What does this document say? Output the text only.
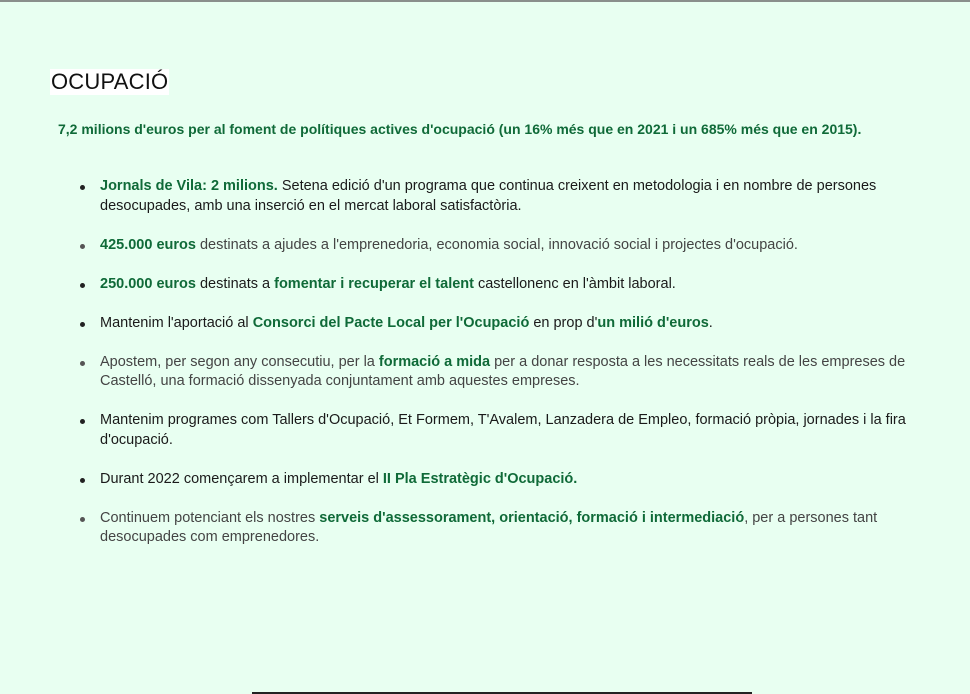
OCUPACIÓ

7,2 milions d'euros per al foment de polítiques actives d'ocupació (un 16% més que en 2021 i un 685% més que en 2015).

Jornals de Vila: 2 milions. Setena edició d'un programa que continua creixent en metodologia i en nombre de persones desocupades, amb una inserció en el mercat laboral satisfactòria.
425.000 euros destinats a ajudes a l'emprenedoria, economia social, innovació social i projectes d'ocupació.
250.000 euros destinats a fomentar i recuperar el talent castellonenc en l'àmbit laboral.
Mantenim l'aportació al Consorci del Pacte Local per l'Ocupació en prop d'un milió d'euros.
Apostem, per segon any consecutiu, per la formació a mida per a donar resposta a les necessitats reals de les empreses de Castelló, una formació dissenyada conjuntament amb aquestes empreses.
Mantenim programes com Tallers d'Ocupació, Et Formem, T'Avalem, Lanzadera de Empleo, formació pròpia, jornades i la fira d'ocupació.
Durant 2022 començarem a implementar el II Pla Estratègic d'Ocupació.
Continuem potenciant els nostres serveis d'assessorament, orientació, formació i intermediació, per a persones tant desocupades com emprenedores.
